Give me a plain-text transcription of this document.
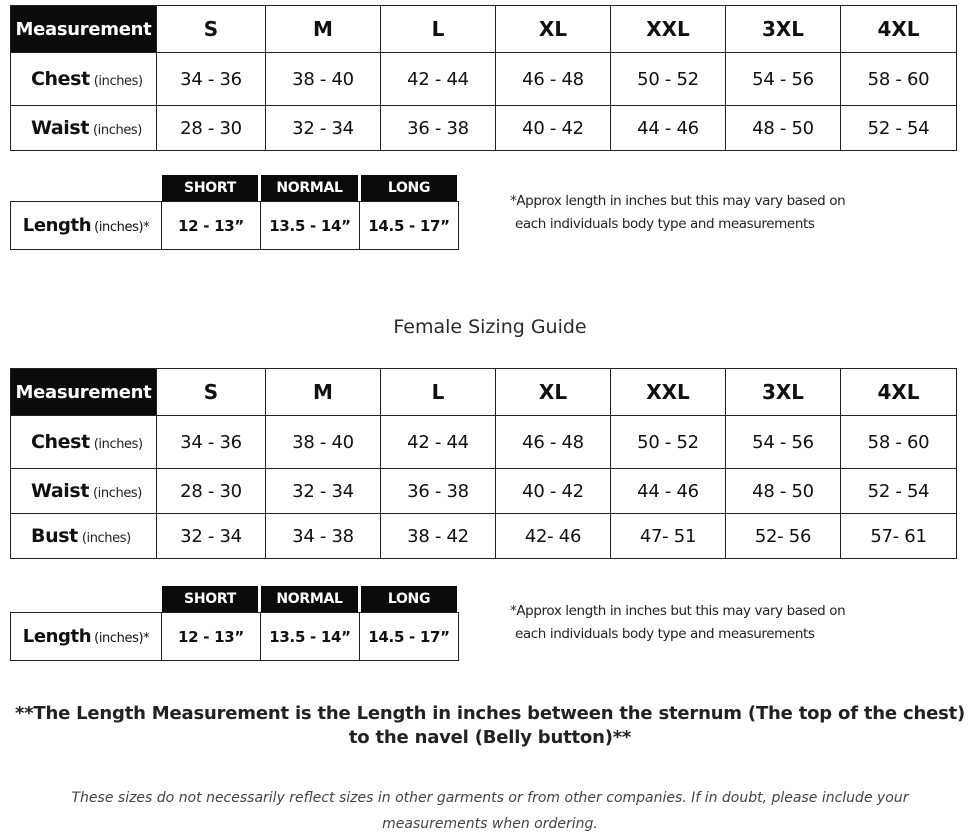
Measurement	S	M	L	XL	XXL	3XL	4XL
Chest (inches)	34 - 36	38 - 40	42 - 44	46 - 48	50 - 52	54 - 56	58 - 60
Waist (inches)	28 - 30	32 - 34	36 - 38	40 - 42	44 - 46	48 - 50	52 - 54
SHORT	NORMAL	LONG
Length (inches)*	12 - 13”	13.5 - 14”	14.5 - 17”
*Approx length in inches but this may vary based on
each individuals body type and measurements
Female Sizing Guide
Measurement	S	M	L	XL	XXL	3XL	4XL
Chest (inches)	34 - 36	38 - 40	42 - 44	46 - 48	50 - 52	54 - 56	58 - 60
Waist (inches)	28 - 30	32 - 34	36 - 38	40 - 42	44 - 46	48 - 50	52 - 54
Bust (inches)	32 - 34	34 - 38	38 - 42	42- 46	47- 51	52- 56	57- 61
SHORT	NORMAL	LONG
Length (inches)*	12 - 13”	13.5 - 14”	14.5 - 17”
*Approx length in inches but this may vary based on
each individuals body type and measurements
**The Length Measurement is the Length in inches between the sternum (The top of the chest)
to the navel (Belly button)**
These sizes do not necessarily reflect sizes in other garments or from other companies. If in doubt, please include your
measurements when ordering.
